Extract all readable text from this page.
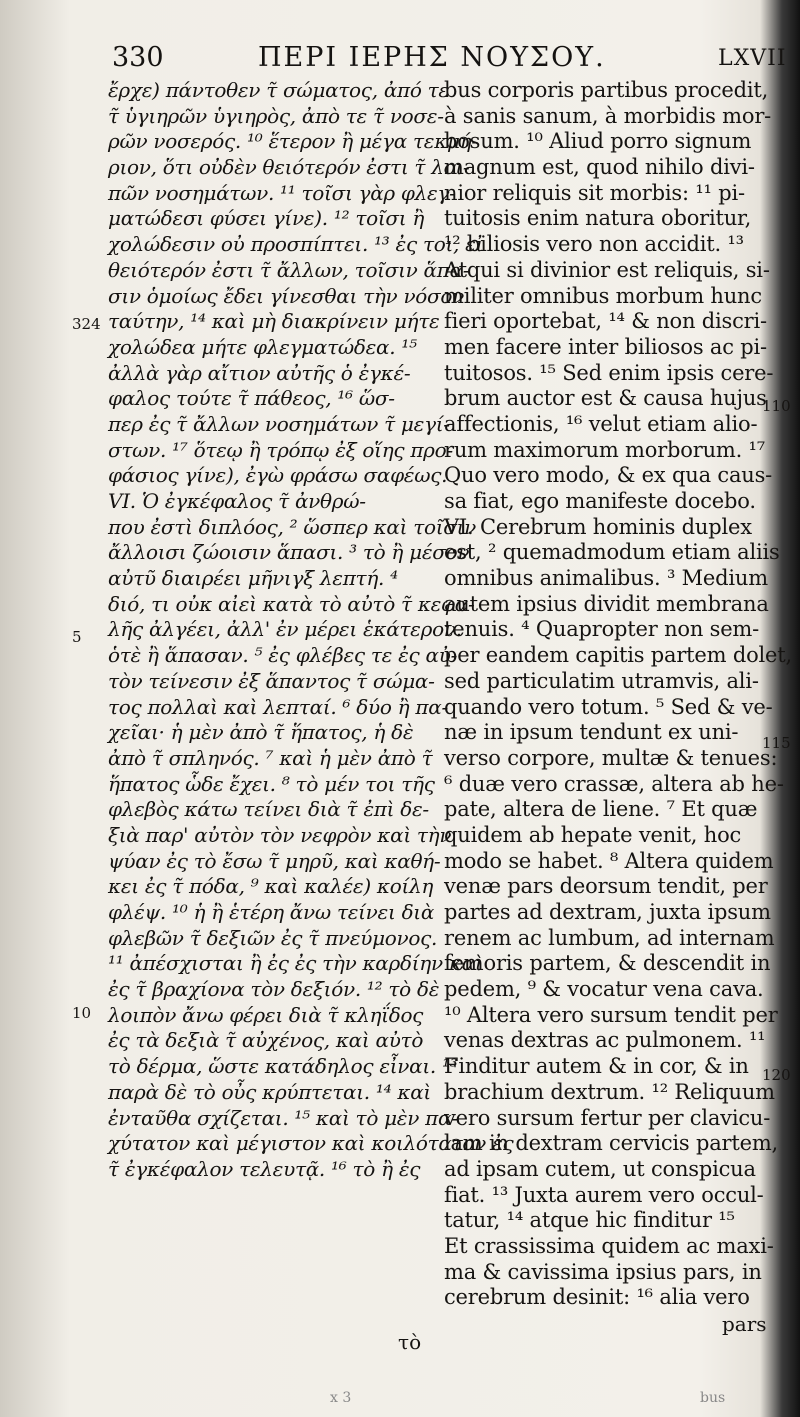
330	ΠΕΡΙ ΙΕΡΗΣ ΝΟΥΣΟΥ.	LXVII
ἔρχε) πάντοθεν τ̃ σώματος, ἀπό τε
τ̃ ὑγιηρῶν ὑγιηρὸς, ἀπὸ τε τ̃ νοσε-
ρῶν νοσερός. ¹⁰ ἕτερον ἢ μέγα τεκμή-
ριον, ὅτι οὐδὲν θειότερόν ἐστι τ̃ λοι-
πῶν νοσημάτων. ¹¹ τοῖσι γὰρ φλεγ-
ματώδεσι φύσει γίνε). ¹² τοῖσι ἢ
χολώδεσιν οὐ προσπίπτει. ¹³ ἐς τοι, εἰ
θειότερόν ἐστι τ̃ ἄλλων, τοῖσιν ἅπα-
σιν ὁμοίως ἔδει γίνεσθαι τὴν νόσον
ταύτην, ¹⁴ καὶ μὴ διακρίνειν μήτε
χολώδεα μήτε φλεγματώδεα. ¹⁵
ἀλλὰ γὰρ αἴτιον αὐτῆς ὁ ἐγκέ-
φαλος τούτε τ̃ πάθεος, ¹⁶ ὥσ-
περ ἐς τ̃ ἄλλων νοσημάτων τ̃ μεγί-
στων. ¹⁷ ὅτεῳ ἢ τρόπῳ ἐξ οἵης προ-
φάσιος γίνε), ἐγὼ φράσω σαφέως.
VI. Ὁ ἐγκέφαλος τ̃ ἀνθρώ-
που ἐστὶ διπλόος, ² ὥσπερ καὶ τοῖσιν
ἄλλοισι ζώοισιν ἅπασι. ³ τὸ ἢ μέσον
αὐτῦ διαιρέει μῆνιγξ λεπτή. ⁴
διό, τι οὐκ αἰεὶ κατὰ τὸ αὐτὸ τ̃ κεφα-
λῆς ἀλγέει, ἀλλ' ἐν μέρει ἑκάτερον.
ὁτὲ ἢ ἅπασαν. ⁵ ἐς φλέβες τε ἐς αὐ-
τὸν τείνεσιν ἐξ ἅπαντος τ̃ σώμα-
τος πολλαὶ καὶ λεπταί. ⁶ δύο ἢ πα-
χεῖαι· ἡ μὲν ἀπὸ τ̃ ἥπατος, ἡ δὲ
ἀπὸ τ̃ σπληνός. ⁷ καὶ ἡ μὲν ἀπὸ τ̃
ἥπατος ὧδε ἔχει. ⁸ τὸ μέν τοι τῆς
φλεβὸς κάτω τείνει διὰ τ̃ ἐπὶ δε-
ξιὰ παρ' αὐτὸν τὸν νεφρὸν καὶ τὴν
ψύαν ἐς τὸ ἔσω τ̃ μηρῦ, καὶ καθή-
κει ἐς τ̃ πόδα, ⁹ καὶ καλέε) κοίλη
φλέψ. ¹⁰ ἡ ἢ ἑτέρη ἄνω τείνει διὰ
φλεβῶν τ̃ δεξιῶν ἐς τ̃ πνεύμονος.
¹¹ ἀπέσχισται ἢ ἐς ἐς τὴν καρδίην καὶ
ἐς τ̃ βραχίονα τὸν δεξιόν. ¹² τὸ δὲ
λοιπὸν ἄνω φέρει διὰ τ̃ κληΐδος
ἐς τὰ δεξιὰ τ̃ αὐχένος, καὶ αὐτὸ
τὸ δέρμα, ὥστε κατάδηλος εἶναι. ¹³
παρὰ δὲ τὸ οὖς κρύπτεται. ¹⁴ καὶ
ἐνταῦθα σχίζεται. ¹⁵ καὶ τὸ μὲν πα-
χύτατον καὶ μέγιστον καὶ κοιλότατον ἐς
τ̃ ἐγκέφαλον τελευτᾷ. ¹⁶ τὸ ἢ ἐς
bus corporis partibus procedit,
à sanis sanum, à morbidis mor-
bosum. ¹⁰ Aliud porro signum
magnum est, quod nihilo divi-
nior reliquis sit morbis: ¹¹ pi-
tuitosis enim natura oboritur,
¹² biliosis vero non accidit. ¹³
Atqui si divinior est reliquis, si-
militer omnibus morbum hunc
fieri oportebat, ¹⁴ & non discri-
men facere inter biliosos ac pi-
tuitosos. ¹⁵ Sed enim ipsis cere-
brum auctor est & causa hujus
affectionis, ¹⁶ velut etiam alio-
rum maximorum morborum. ¹⁷
Quo vero modo, & ex qua caus-
sa fiat, ego manifeste docebo.
VI. Cerebrum hominis duplex
est, ² quemadmodum etiam aliis
omnibus animalibus. ³ Medium
autem ipsius dividit membrana
tenuis. ⁴ Quapropter non sem-
per eandem capitis partem dolet,
sed particulatim utramvis, ali-
quando vero totum. ⁵ Sed & ve-
næ in ipsum tendunt ex uni-
verso corpore, multæ & tenues:
⁶ duæ vero crassæ, altera ab he-
pate, altera de liene. ⁷ Et quæ
quidem ab hepate venit, hoc
modo se habet. ⁸ Altera quidem
venæ pars deorsum tendit, per
partes ad dextram, juxta ipsum
renem ac lumbum, ad internam
femoris partem, & descendit in
pedem, ⁹ & vocatur vena cava.
¹⁰ Altera vero sursum tendit per
venas dextras ac pulmonem. ¹¹
Finditur autem & in cor, & in
brachium dextrum. ¹² Reliquum
vero sursum fertur per clavicu-
lam in dextram cervicis partem,
ad ipsam cutem, ut conspicua
fiat. ¹³ Juxta aurem vero occul-
tatur, ¹⁴ atque hic finditur ¹⁵
Et crassissima quidem ac maxi-
ma & cavissima ipsius pars, in
cerebrum desinit: ¹⁶ alia vero
324
5
10
110
115
120
τὸ
pars
bus
x 3
